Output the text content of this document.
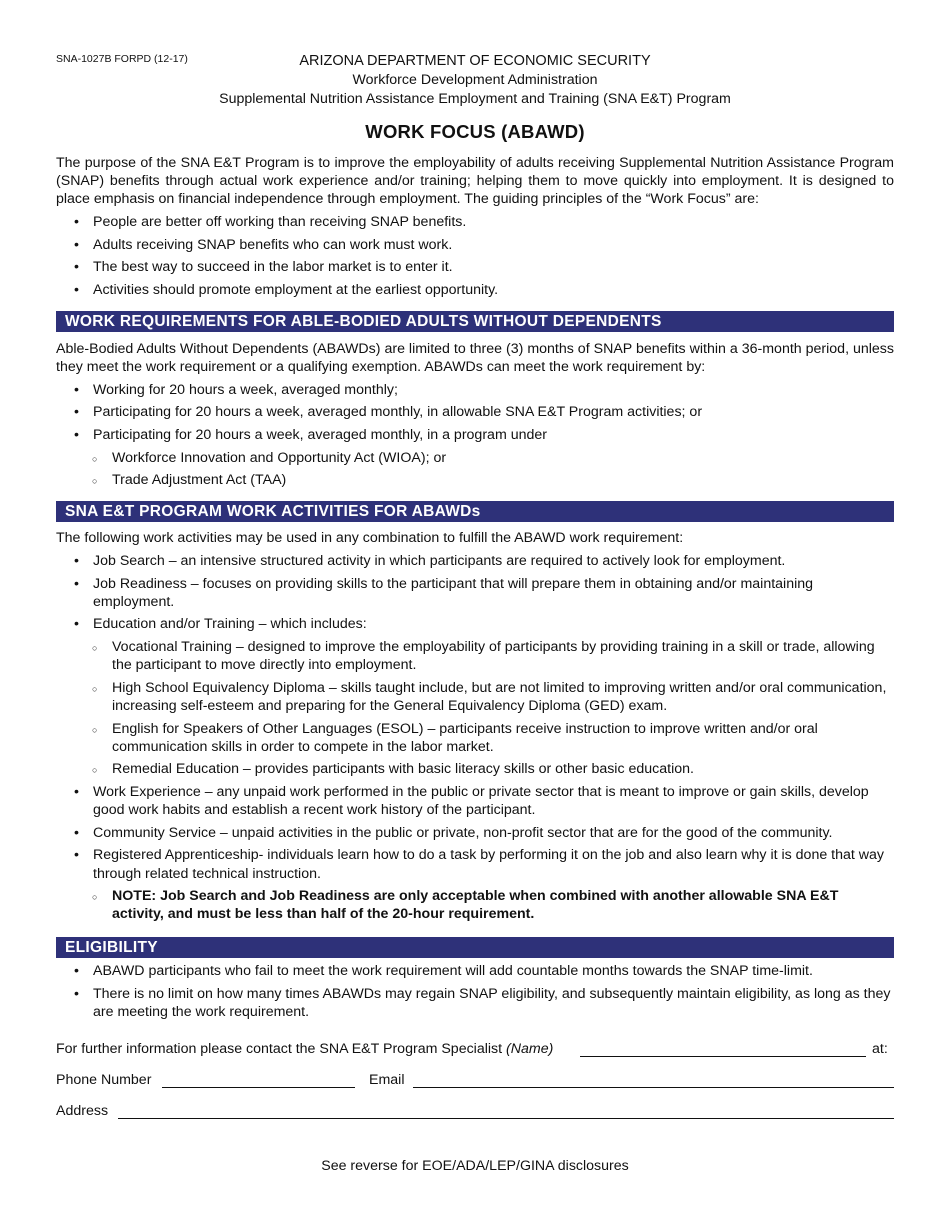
SNA-1027B FORPD (12-17)	ARIZONA DEPARTMENT OF ECONOMIC SECURITY
Workforce Development Administration
Supplemental Nutrition Assistance Employment and Training (SNA E&T) Program
WORK FOCUS (ABAWD)

The purpose of the SNA E&T Program is to improve the employability of adults receiving Supplemental Nutrition Assistance Program (SNAP) benefits through actual work experience and/or training; helping them to move quickly into employment. It is designed to place emphasis on financial independence through employment. The guiding principles of the “Work Focus” are:

• People are better off working than receiving SNAP benefits.
• Adults receiving SNAP benefits who can work must work.
• The best way to succeed in the labor market is to enter it.
• Activities should promote employment at the earliest opportunity.
WORK REQUIREMENTS FOR ABLE-BODIED ADULTS WITHOUT DEPENDENTS

Able-Bodied Adults Without Dependents (ABAWDs) are limited to three (3) months of SNAP benefits within a 36-month period, unless they meet the work requirement or a qualifying exemption. ABAWDs can meet the work requirement by:

• Working for 20 hours a week, averaged monthly;
• Participating for 20 hours a week, averaged monthly, in allowable SNA E&T Program activities; or
• Participating for 20 hours a week, averaged monthly, in a program under
○ Workforce Innovation and Opportunity Act (WIOA); or
○ Trade Adjustment Act (TAA)
SNA E&T PROGRAM WORK ACTIVITIES FOR ABAWDs

The following work activities may be used in any combination to fulfill the ABAWD work requirement:

• Job Search – an intensive structured activity in which participants are required to actively look for employment.
• Job Readiness – focuses on providing skills to the participant that will prepare them in obtaining and/or maintaining employment.
• Education and/or Training – which includes:
○ Vocational Training – designed to improve the employability of participants by providing training in a skill or trade, allowing the participant to move directly into employment.
○ High School Equivalency Diploma – skills taught include, but are not limited to improving written and/or oral communication, increasing self-esteem and preparing for the General Equivalency Diploma (GED) exam.
○ English for Speakers of Other Languages (ESOL) – participants receive instruction to improve written and/or oral communication skills in order to compete in the labor market.
○ Remedial Education – provides participants with basic literacy skills or other basic education.
• Work Experience – any unpaid work performed in the public or private sector that is meant to improve or gain skills, develop good work habits and establish a recent work history of the participant.
• Community Service – unpaid activities in the public or private, non-profit sector that are for the good of the community.
• Registered Apprenticeship- individuals learn how to do a task by performing it on the job and also learn why it is done that way through related technical instruction.
○ NOTE: Job Search and Job Readiness are only acceptable when combined with another allowable SNA E&T activity, and must be less than half of the 20-hour requirement.
ELIGIBILITY
• ABAWD participants who fail to meet the work requirement will add countable months towards the SNAP time-limit.
• There is no limit on how many times ABAWDs may regain SNAP eligibility, and subsequently maintain eligibility, as long as they are meeting the work requirement.
For further information please contact the SNA E&T Program Specialist (Name)	at:
Phone Number	Email
Address
See reverse for EOE/ADA/LEP/GINA disclosures
